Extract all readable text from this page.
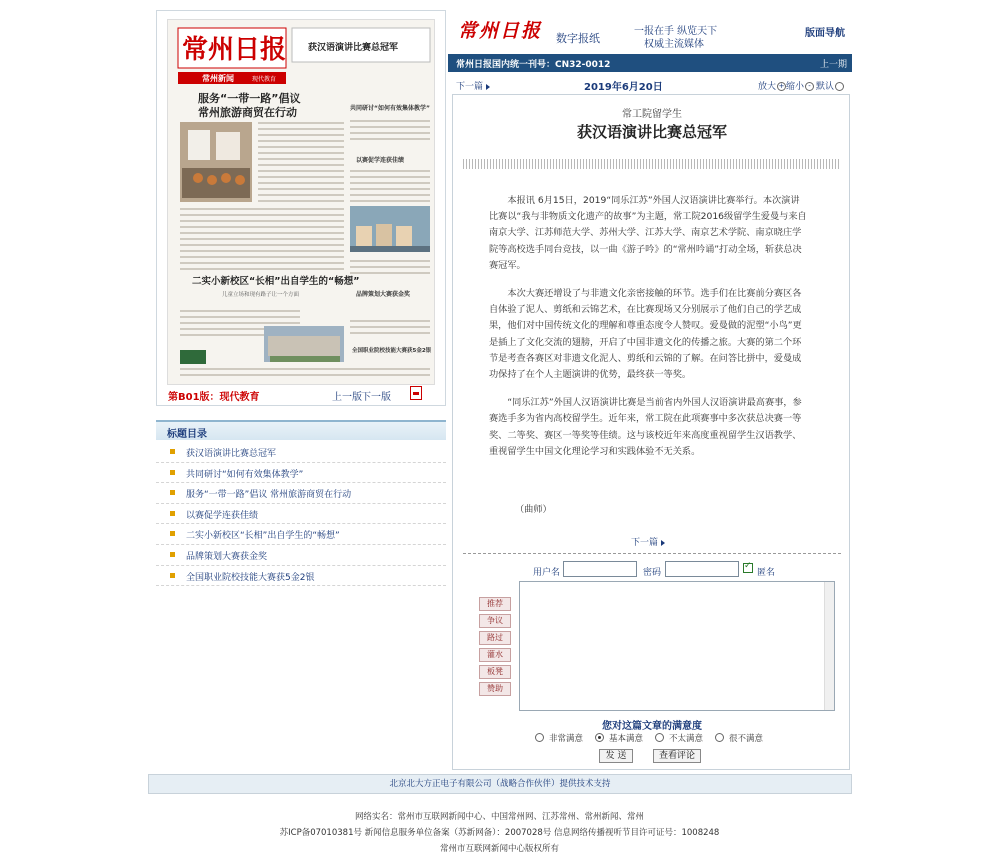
常州日报
常州新闻	现代教育
获汉语演讲比赛总冠军
服务“一带一路”倡议
常州旅游商贸在行动	共同研讨“如何有效集体教学”
以赛促学连获佳绩
二实小新校区“长相”出自学生的“畅想”
儿童立场和现有路子让一个方面	品牌策划大赛获金奖
全国职业院校技能大赛获5金2银
第B01版：现代教育	上一版 下一版
标题目录
获汉语演讲比赛总冠军
共同研讨“如何有效集体教学”
服务“一带一路”倡议 常州旅游商贸在行动
以赛促学连获佳绩
二实小新校区“长相”出自学生的“畅想”
品牌策划大赛获金奖
全国职业院校技能大赛获5金2银
常州日报 数字报纸
一报在手 纵览天下
权威主流媒体
版面导航
常州日报国内统一刊号：CN32-0012	上一期
下一篇	2019年6月20日	放大 + 缩小 - 默认
常工院留学生
获汉语演讲比赛总冠军

本报讯 6月15日，2019“同乐江苏”外国人汉语演讲比赛举行。本次演讲比赛以“我与非物质文化遗产的故事”为主题，常工院2016级留学生爱曼与来自南京大学、江苏师范大学、苏州大学、江苏大学、南京艺术学院、南京晓庄学院等高校选手同台竞技，以一曲《游子吟》的“常州吟诵”打动全场，斩获总决赛冠军。

本次大赛还增设了与非遗文化亲密接触的环节。选手们在比赛前分赛区各自体验了泥人、剪纸和云锦艺术，在比赛现场又分别展示了他们自己的学艺成果，他们对中国传统文化的理解和尊重态度令人赞叹。爱曼做的泥塑“小鸟”更是插上了文化交流的翅膀，开启了中国非遗文化的传播之旅。大赛的第二个环节是考查各赛区对非遗文化泥人、剪纸和云锦的了解。在问答比拼中，爱曼成功保持了在个人主题演讲的优势，最终获一等奖。

“同乐江苏”外国人汉语演讲比赛是当前省内外国人汉语演讲最高赛事，参赛选手多为省内高校留学生。近年来，常工院在此项赛事中多次获总决赛一等奖、二等奖、赛区一等奖等佳绩。这与该校近年来高度重视留学生汉语教学、重视留学生中国文化理论学习和实践体验不无关系。

（曲师）
下一篇
用户名	密码
✓	匿名
推荐
争议
路过
灌水
板凳
赞助
您对这篇文章的满意度
非常满意	基本满意	不太满意	很不满意
发 送	查看评论
北京北大方正电子有限公司（战略合作伙伴）提供技术支持
网络实名：常州市互联网新闻中心、中国常州网、江苏常州、常州新闻、常州
苏ICP备07010381号 新闻信息服务单位备案（苏新网备）：2007028号 信息网络传播视听节目许可证号：1008248
常州市互联网新闻中心版权所有
